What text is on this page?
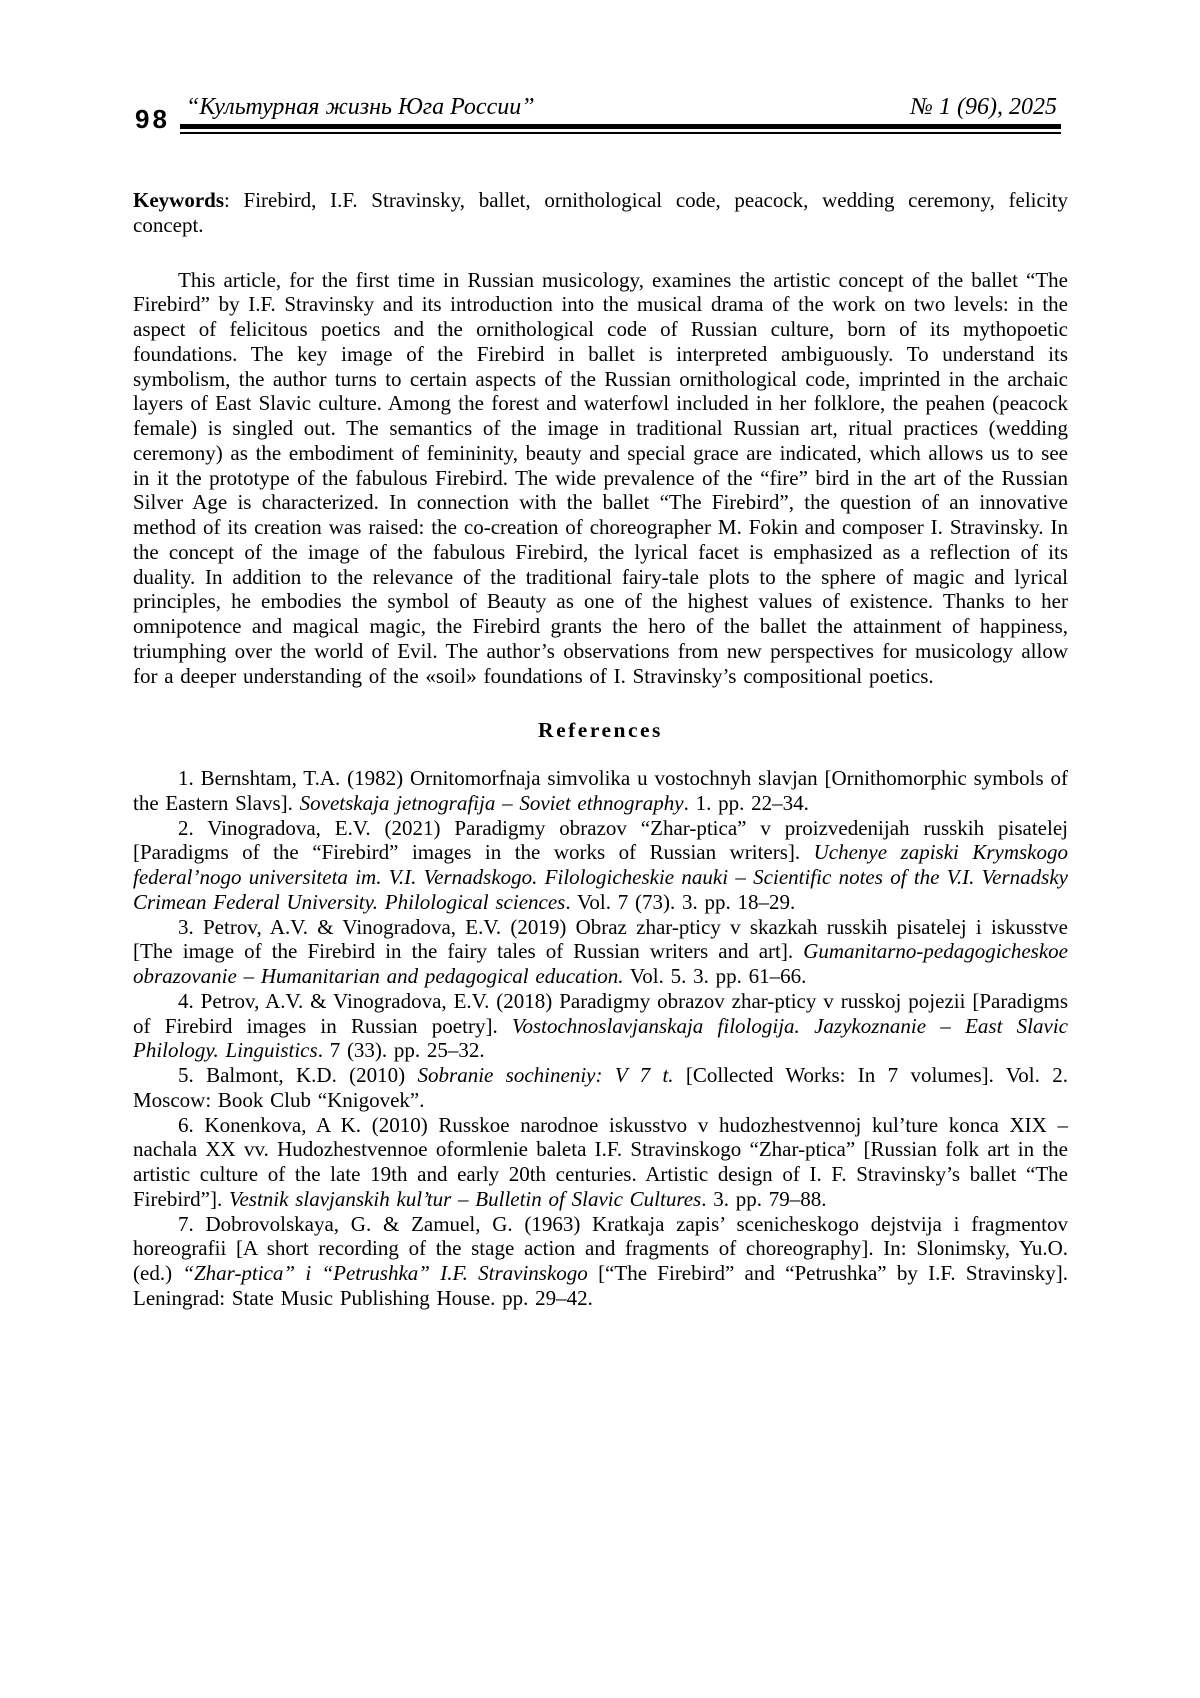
98 “Культурная жизнь Юга России”	№ 1 (96), 2025

Keywords: Firebird, I.F. Stravinsky, ballet, ornithological code, peacock, wedding ceremony, felicity concept.

This article, for the first time in Russian musicology, examines the artistic concept of the ballet “The Firebird” by I.F. Stravinsky and its introduction into the musical drama of the work on two levels: in the aspect of felicitous poetics and the ornithological code of Russian culture, born of its mythopoetic foundations. The key image of the Firebird in ballet is interpreted ambiguously. To understand its symbolism, the author turns to certain aspects of the Russian ornithological code, imprinted in the archaic layers of East Slavic culture. Among the forest and waterfowl included in her folklore, the peahen (peacock female) is singled out. The semantics of the image in traditional Russian art, ritual practices (wedding ceremony) as the embodiment of femininity, beauty and special grace are indicated, which allows us to see in it the prototype of the fabulous Firebird. The wide prevalence of the “fire” bird in the art of the Russian Silver Age is characterized. In connection with the ballet “The Firebird”, the question of an innovative method of its creation was raised: the co-creation of choreographer M. Fokin and composer I. Stravinsky. In the concept of the image of the fabulous Firebird, the lyrical facet is emphasized as a reflection of its duality. In addition to the relevance of the traditional fairy-tale plots to the sphere of magic and lyrical principles, he embodies the symbol of Beauty as one of the highest values of existence. Thanks to her omnipotence and magical magic, the Firebird grants the hero of the ballet the attainment of happiness, triumphing over the world of Evil. The author’s observations from new perspectives for musicology allow for a deeper understanding of the «soil» foundations of I. Stravinsky’s compositional poetics.

References

1. Bernshtam, T.A. (1982) Ornitomorfnaja simvolika u vostochnyh slavjan [Ornithomorphic symbols of the Eastern Slavs]. Sovetskaja jetnografija – Soviet ethnography. 1. pp. 22–34.

2. Vinogradova, E.V. (2021) Paradigmy obrazov “Zhar-ptica” v proizvedenijah russkih pisatelej [Paradigms of the “Firebird” images in the works of Russian writers]. Uchenye zapiski Krymskogo federal’nogo universiteta im. V.I. Vernadskogo. Filologicheskie nauki – Scientific notes of the V.I. Vernadsky Crimean Federal University. Philological sciences. Vol. 7 (73). 3. pp. 18–29.

3. Petrov, A.V. & Vinogradova, E.V. (2019) Obraz zhar-pticy v skazkah russkih pisatelej i iskusstve [The image of the Firebird in the fairy tales of Russian writers and art]. Gumanitarno-pedagogicheskoe obrazovanie – Humanitarian and pedagogical education. Vol. 5. 3. pp. 61–66.

4. Petrov, A.V. & Vinogradova, E.V. (2018) Paradigmy obrazov zhar-pticy v russkoj pojezii [Paradigms of Firebird images in Russian poetry]. Vostochnoslavjanskaja filologija. Jazykoznanie – East Slavic Philology. Linguistics. 7 (33). pp. 25–32.

5. Balmont, K.D. (2010) Sobranie sochineniy: V 7 t. [Collected Works: In 7 volumes]. Vol. 2. Moscow: Book Club “Knigovek”.

6. Konenkova, A K. (2010) Russkoe narodnoe iskusstvo v hudozhestvennoj kul’ture konca XIX – nachala XX vv. Hudozhestvennoe oformlenie baleta I.F. Stravinskogo “Zhar-ptica” [Russian folk art in the artistic culture of the late 19th and early 20th centuries. Artistic design of I. F. Stravinsky’s ballet “The Firebird”]. Vestnik slavjanskih kul’tur – Bulletin of Slavic Cultures. 3. pp. 79–88.

7. Dobrovolskaya, G. & Zamuel, G. (1963) Kratkaja zapis’ scenicheskogo dejstvija i fragmentov horeografii [A short recording of the stage action and fragments of choreography]. In: Slonimsky, Yu.O. (ed.) “Zhar-ptica” i “Petrushka” I.F. Stravinskogo [“The Firebird” and “Petrushka” by I.F. Stravinsky]. Leningrad: State Music Publishing House. pp. 29–42.
